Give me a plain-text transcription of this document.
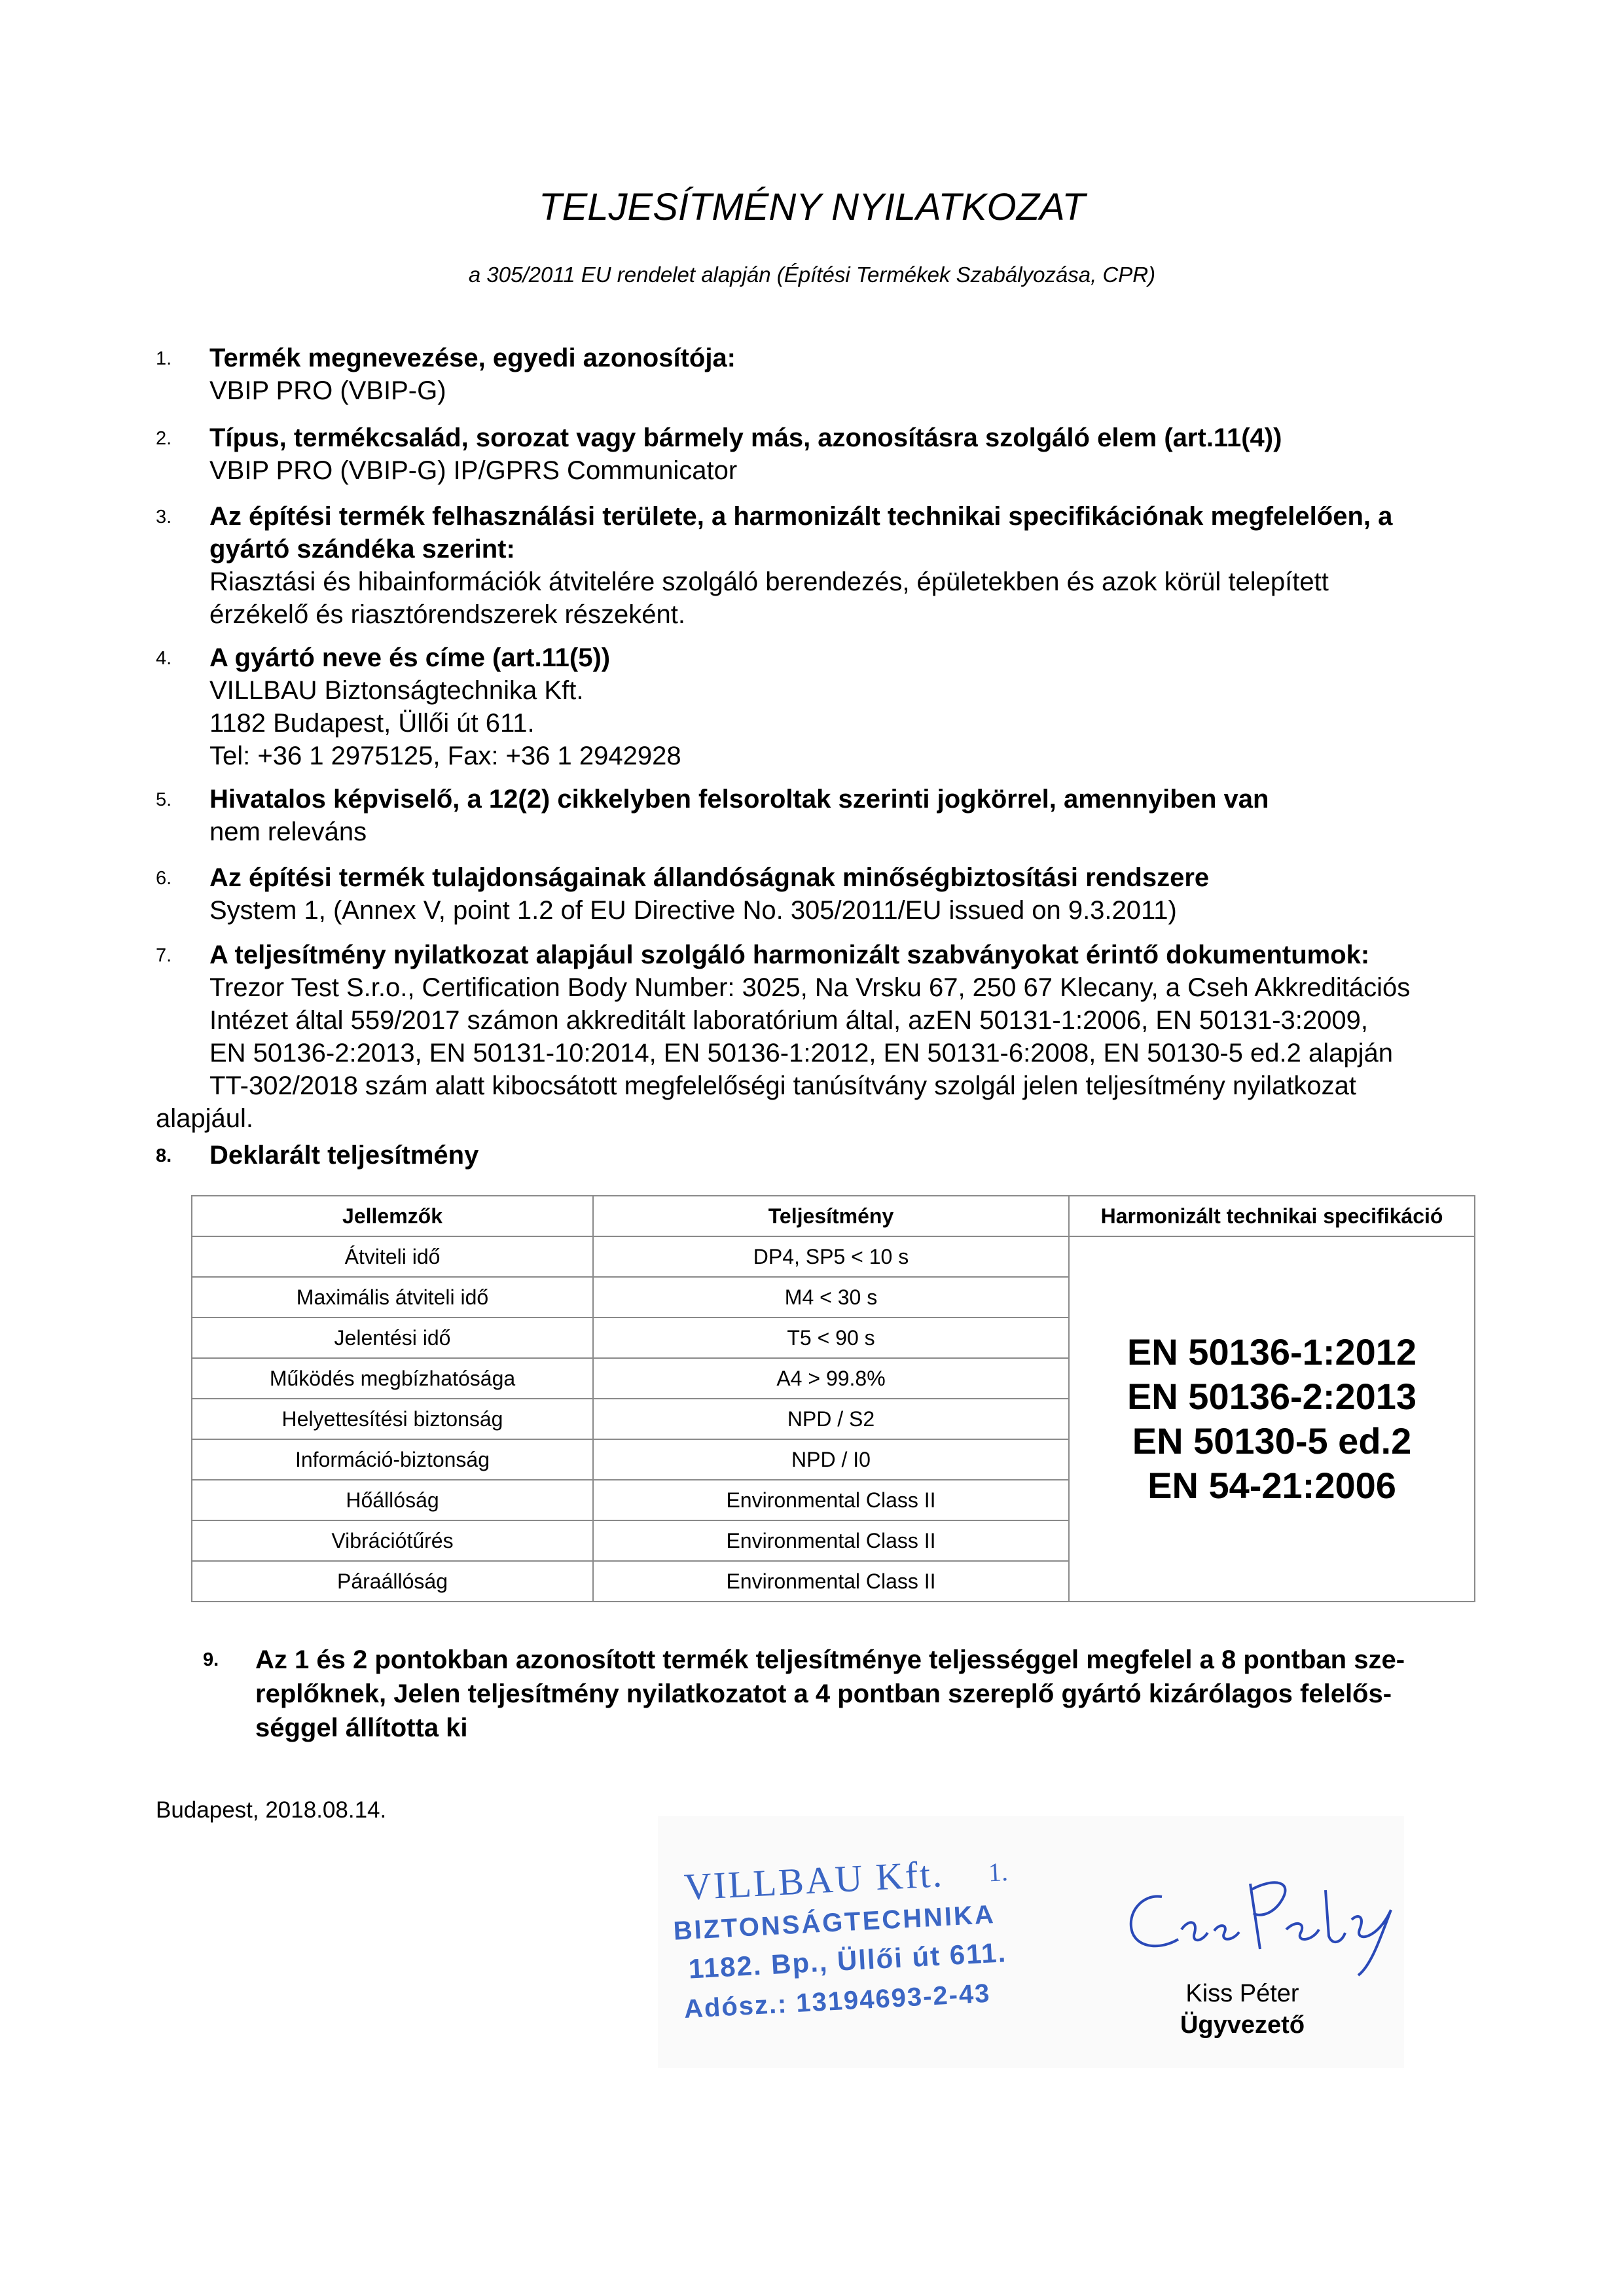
TELJESÍTMÉNY NYILATKOZAT
a 305/2011 EU rendelet alapján (Építési Termékek Szabályozása, CPR)
1. Termék megnevezése, egyedi azonosítója:
VBIP PRO (VBIP-G)
2. Típus, termékcsalád, sorozat vagy bármely más, azonosításra szolgáló elem (art.11(4))
VBIP PRO (VBIP-G) IP/GPRS Communicator
3. Az építési termék felhasználási területe, a harmonizált technikai specifikációnak megfelelően, a
gyártó szándéka szerint:
Riasztási és hibainformációk átvitelére szolgáló berendezés, épületekben és azok körül telepített
érzékelő és riasztórendszerek részeként.
4. A gyártó neve és címe (art.11(5))
VILLBAU Biztonságtechnika Kft.
1182 Budapest, Üllői út 611.
Tel: +36 1 2975125, Fax: +36 1 2942928
5. Hivatalos képviselő, a 12(2) cikkelyben felsoroltak szerinti jogkörrel, amennyiben van
nem releváns
6. Az építési termék tulajdonságainak állandóságnak minőségbiztosítási rendszere
System 1, (Annex V, point 1.2 of EU Directive No. 305/2011/EU issued on 9.3.2011)
7. A teljesítmény nyilatkozat alapjául szolgáló harmonizált szabványokat érintő dokumentumok:
Trezor Test S.r.o., Certification Body Number: 3025, Na Vrsku 67, 250 67 Klecany, a Cseh Akkreditációs
Intézet által 559/2017 számon akkreditált laboratórium által, azEN 50131-1:2006, EN 50131-3:2009,
EN 50136-2:2013, EN 50131-10:2014, EN 50136-1:2012, EN 50131-6:2008, EN 50130-5 ed.2 alapján
TT-302/2018 szám alatt kibocsátott megfelelőségi tanúsítvány szolgál jelen teljesítmény nyilatkozat
alapjául.
8. Deklarált teljesítmény
Jellemzők	Teljesítmény	Harmonizált technikai specifikáció
Átviteli idő	DP4, SP5 < 10 s	EN 50136-1:2012
EN 50136-2:2013
EN 50130-5 ed.2
EN 54-21:2006

Maximális átviteli idő	M4 < 30 s	
Jelentési idő	T5 < 90 s	
Működés megbízhatósága	A4 > 99.8%	
Helyettesítési biztonság	NPD / S2	
Információ-biztonság	NPD / I0	
Hőállóság	Environmental Class II	
Vibrációtűrés	Environmental Class II	
Páraállóság	Environmental Class II	
9. Az 1 és 2 pontokban azonosított termék teljesítménye teljességgel megfelel a 8 pontban sze-
replőknek, Jelen teljesítmény nyilatkozatot a 4 pontban szereplő gyártó kizárólagos felelős-
séggel állította ki
Budapest, 2018.08.14.
VILLBAU Kft. 1.
BIZTONSÁGTECHNIKA
1182. Bp., Üllői út 611.
Adósz.: 13194693-2-43	Kiss Péter
Ügyvezető
